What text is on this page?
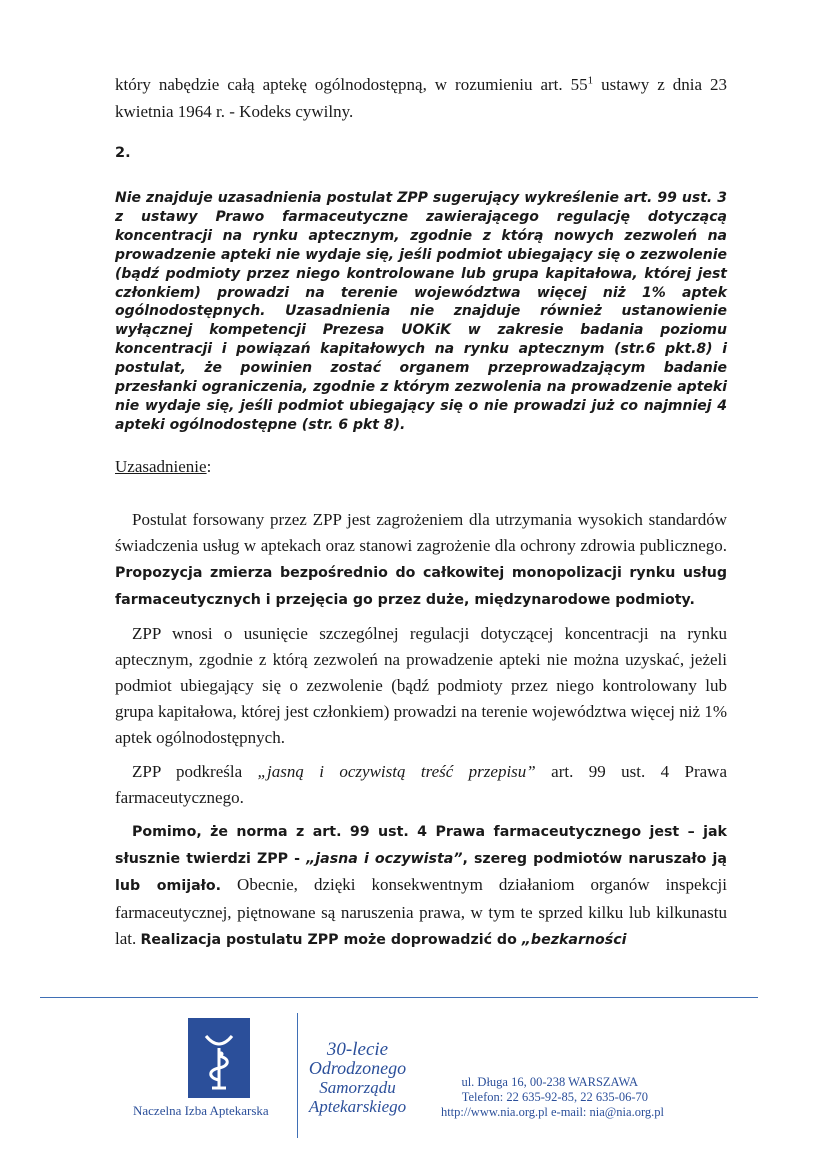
który nabędzie całą aptekę ogólnodostępną, w rozumieniu art. $55^1$ ustawy z dnia 23 kwietnia 1964 r. - Kodeks cywilny.

2.

Nie znajduje uzasadnienia postulat ZPP sugerujący wykreślenie art. 99 ust. 3 z ustawy Prawo farmaceutyczne zawierającego regulację dotyczącą koncentracji na rynku aptecznym, zgodnie z którą nowych zezwoleń na prowadzenie apteki nie wydaje się, jeśli podmiot ubiegający się o zezwolenie (bądź podmioty przez niego kontrolowane lub grupa kapitałowa, której jest członkiem) prowadzi na terenie województwa więcej niż 1% aptek ogólnodostępnych. Uzasadnienia nie znajduje również ustanowienie wyłącznej kompetencji Prezesa UOKiK w zakresie badania poziomu koncentracji i powiązań kapitałowych na rynku aptecznym (str.6 pkt.8) i postulat, że powinien zostać organem przeprowadzającym badanie przesłanki ograniczenia, zgodnie z którym zezwolenia na prowadzenie apteki nie wydaje się, jeśli podmiot ubiegający się o nie prowadzi już co najmniej 4 apteki ogólnodostępne (str. 6 pkt 8).

Uzasadnienie:

Postulat forsowany przez ZPP jest zagrożeniem dla utrzymania wysokich standardów świadczenia usług w aptekach oraz stanowi zagrożenie dla ochrony zdrowia publicznego. Propozycja zmierza bezpośrednio do całkowitej monopolizacji rynku usług farmaceutycznych i przejęcia go przez duże, międzynarodowe podmioty.

ZPP wnosi o usunięcie szczególnej regulacji dotyczącej koncentracji na rynku aptecznym, zgodnie z którą zezwoleń na prowadzenie apteki nie można uzyskać, jeżeli podmiot ubiegający się o zezwolenie (bądź podmioty przez niego kontrolowany lub grupa kapitałowa, której jest członkiem) prowadzi na terenie województwa więcej niż 1% aptek ogólnodostępnych.

ZPP podkreśla „jasną i oczywistą treść przepisu” art. 99 ust. 4 Prawa farmaceutycznego.

Pomimo, że norma z art. 99 ust. 4 Prawa farmaceutycznego jest – jak słusznie twierdzi ZPP - „jasna i oczywista”, szereg podmiotów naruszało ją lub omijało. Obecnie, dzięki konsekwentnym działaniom organów inspekcji farmaceutycznej, piętnowane są naruszenia prawa, w tym te sprzed kilku lub kilkunastu lat. Realizacja postulatu ZPP może doprowadzić do „bezkarności

Naczelna Izba Aptekarska
30-lecie
Odrodzonego
Samorządu
Aptekarskiego
ul. Długa 16, 00-238 WARSZAWA
Telefon: 22 635-92-85, 22 635-06-70
http://www.nia.org.pl e-mail: nia@nia.org.pl
